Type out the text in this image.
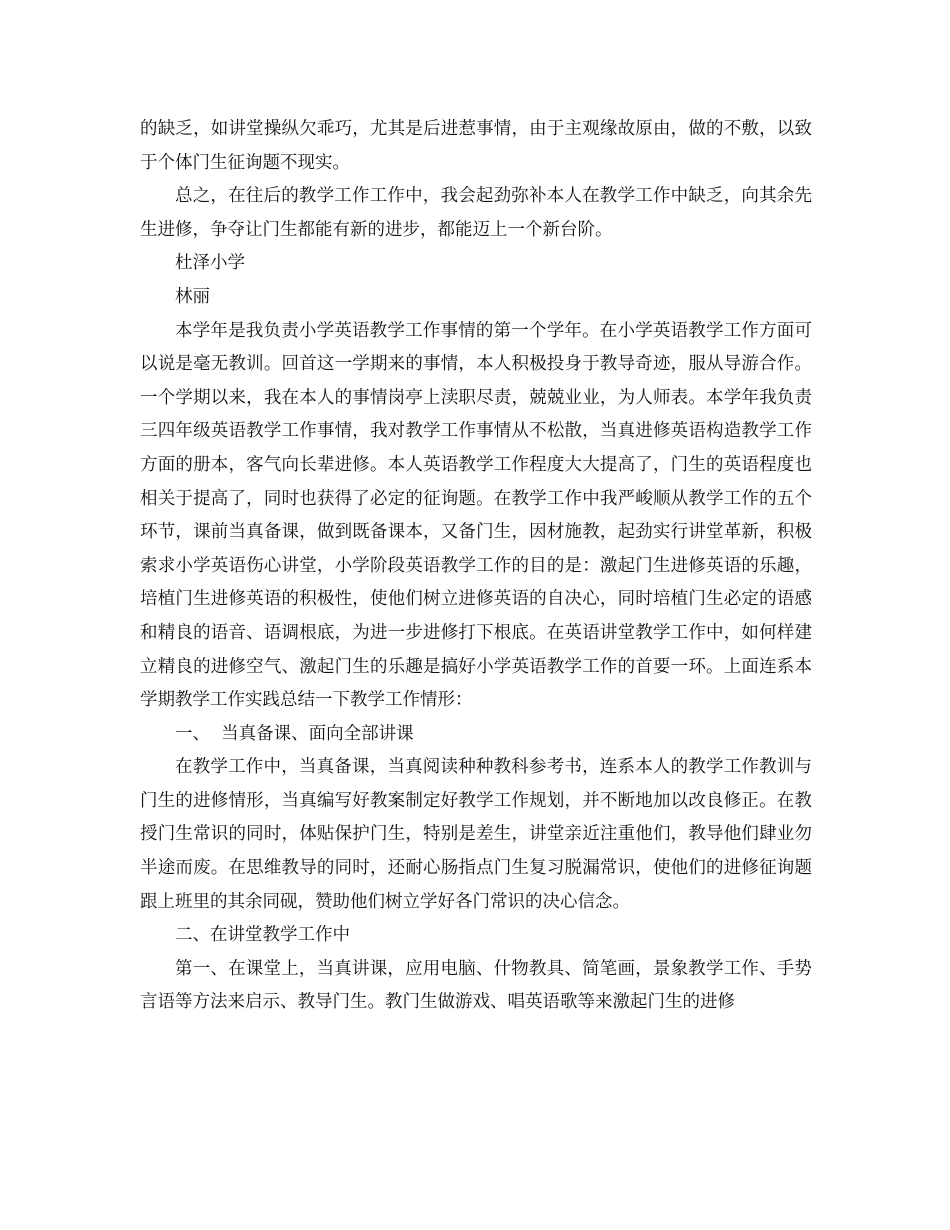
的缺乏，如讲堂操纵欠乖巧，尤其是后进惹事情，由于主观缘故原由，做的不敷，以致于个体门生征询题不现实。

总之，在往后的教学工作工作中，我会起劲弥补本人在教学工作中缺乏，向其余先生进修，争夺让门生都能有新的进步，都能迈上一个新台阶。

杜泽小学

林丽

本学年是我负责小学英语教学工作事情的第一个学年。在小学英语教学工作方面可以说是毫无教训。回首这一学期来的事情，本人积极投身于教导奇迹，服从导游合作。一个学期以来，我在本人的事情岗亭上渎职尽责，兢兢业业，为人师表。本学年我负责三四年级英语教学工作事情，我对教学工作事情从不松散，当真进修英语构造教学工作方面的册本，客气向长辈进修。本人英语教学工作程度大大提高了，门生的英语程度也相关于提高了，同时也获得了必定的征询题。在教学工作中我严峻顺从教学工作的五个环节，课前当真备课，做到既备课本，又备门生，因材施教，起劲实行讲堂革新，积极索求小学英语伤心讲堂，小学阶段英语教学工作的目的是：激起门生进修英语的乐趣，培植门生进修英语的积极性，使他们树立进修英语的自决心，同时培植门生必定的语感和精良的语音、语调根底，为进一步进修打下根底。在英语讲堂教学工作中，如何样建立精良的进修空气、激起门生的乐趣是搞好小学英语教学工作的首要一环。上面连系本学期教学工作实践总结一下教学工作情形：

一、  当真备课、面向全部讲课

在教学工作中，当真备课，当真阅读种种教科参考书，连系本人的教学工作教训与门生的进修情形，当真编写好教案制定好教学工作规划，并不断地加以改良修正。在教授门生常识的同时，体贴保护门生，特别是差生，讲堂亲近注重他们，教导他们肆业勿半途而废。在思维教导的同时，还耐心肠指点门生复习脱漏常识，使他们的进修征询题跟上班里的其余同砚，赞助他们树立学好各门常识的决心信念。

二、在讲堂教学工作中

第一、在课堂上，当真讲课，应用电脑、什物教具、简笔画，景象教学工作、手势言语等方法来启示、教导门生。教门生做游戏、唱英语歌等来激起门生的进修
